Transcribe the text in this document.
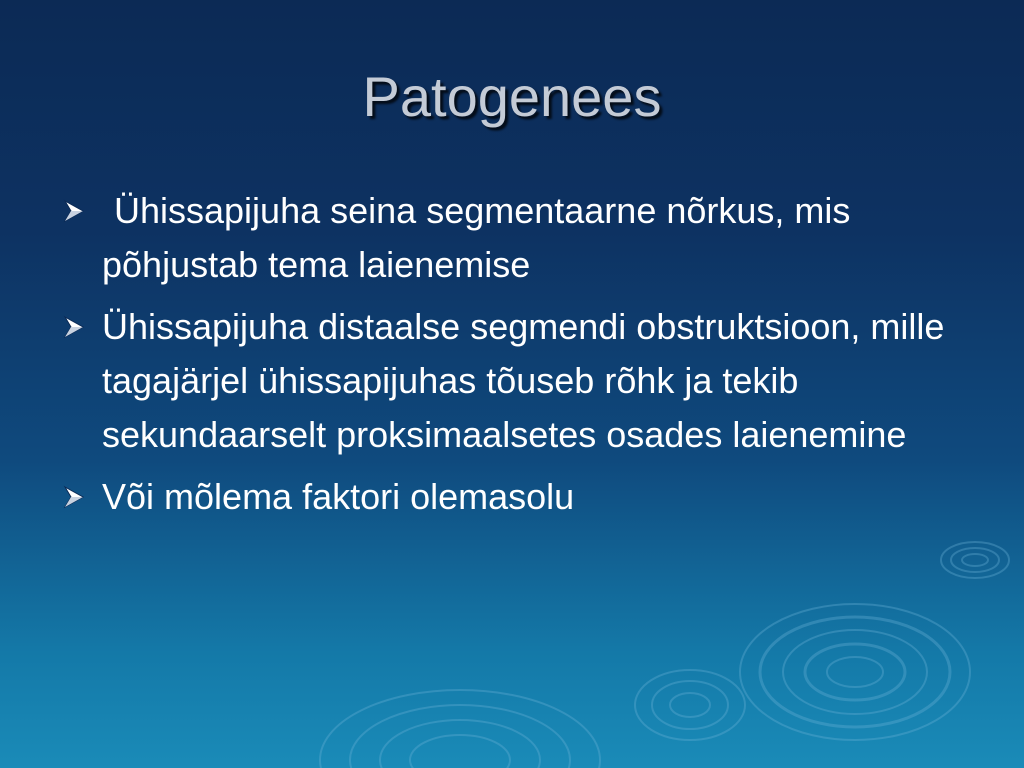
Patogenees
Ühissapijuha seina segmentaarne nõrkus, mis põhjustab tema laienemise
Ühissapijuha distaalse segmendi obstruktsioon, mille tagajärjel ühissapijuhas tõuseb rõhk ja tekib sekundaarselt proksimaalsetes osades laienemine
Või mõlema faktori olemasolu
